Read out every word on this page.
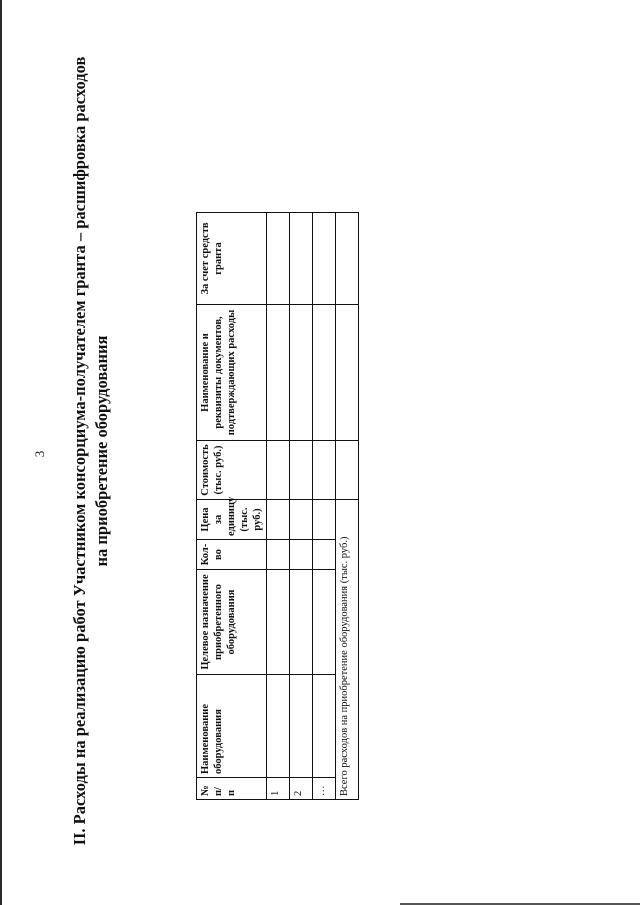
3 II. Расходы на реализацию работ Участником консорциума-получателем гранта – расшифровка расходов на приобретение оборудования
№ п/п	Наименование оборудования	Целевое назначение приобретенного оборудования	Кол-во	Цена за единицу (тыс. руб.)	Стоимость (тыс. руб.)	Наименование и реквизиты документов, подтверждающих расходы	За счет средств гранта
1							
2							
…							
Всего расходов на приобретение оборудования (тыс. руб.)							
